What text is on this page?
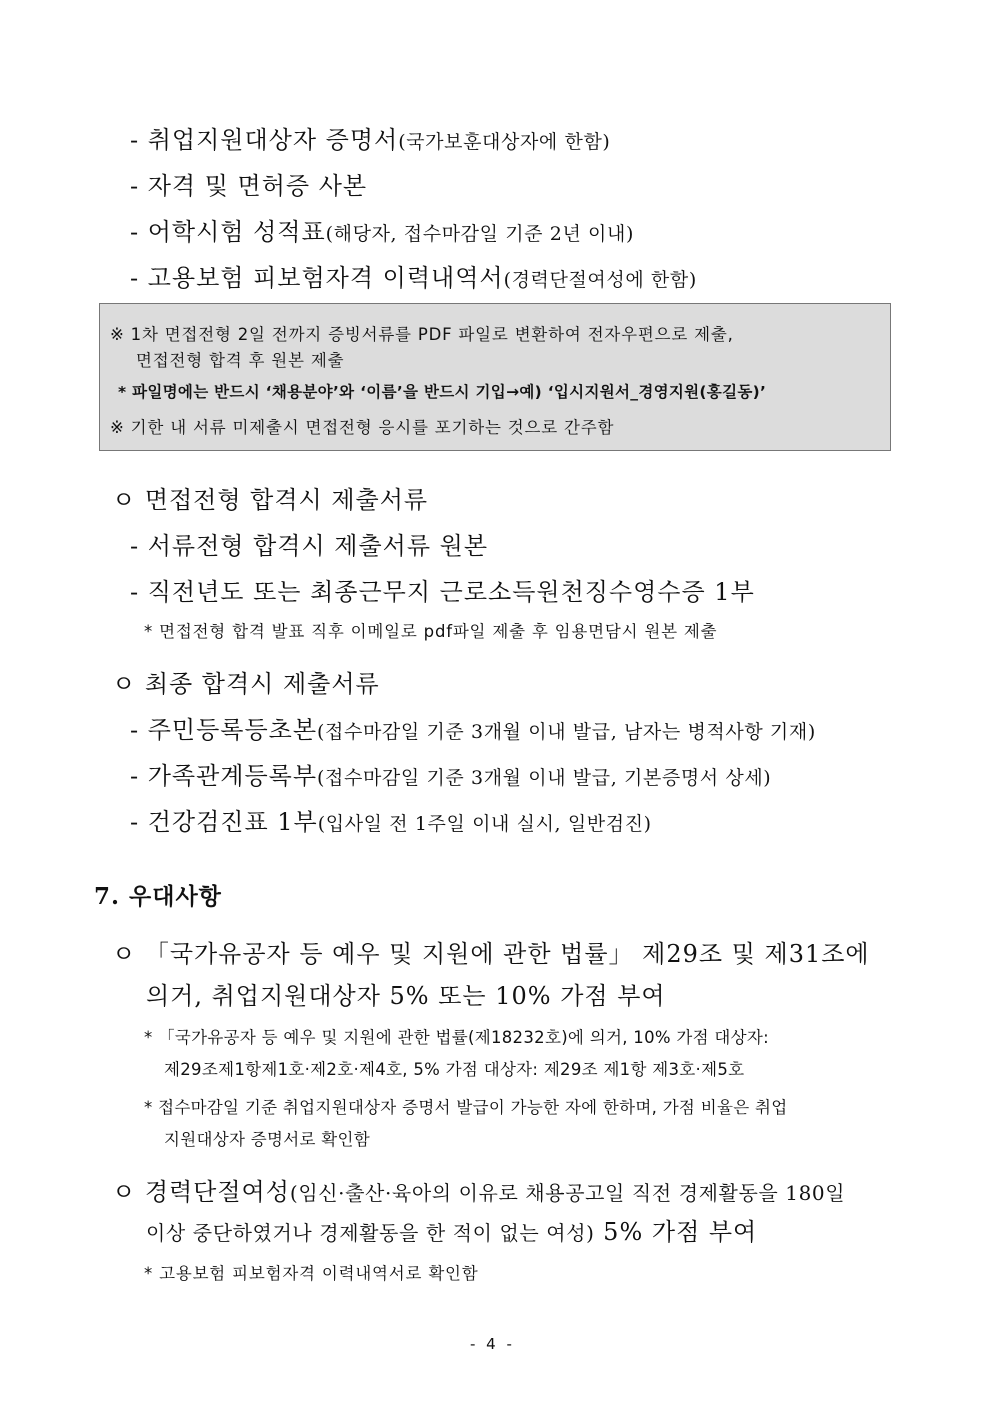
- 취업지원대상자 증명서(국가보훈대상자에 한함)
- 자격 및 면허증 사본
- 어학시험 성적표(해당자, 접수마감일 기준 2년 이내)
- 고용보험 피보험자격 이력내역서(경력단절여성에 한함)
※ 1차 면접전형 2일 전까지 증빙서류를 PDF 파일로 변환하여 전자우편으로 제출,
면접전형 합격 후 원본 제출
* 파일명에는 반드시 ‘채용분야’와 ‘이름’을 반드시 기입→예) ‘입시지원서_경영지원(홍길동)’
※ 기한 내 서류 미제출시 면접전형 응시를 포기하는 것으로 간주함
ㅇ 면접전형 합격시 제출서류
- 서류전형 합격시 제출서류 원본
- 직전년도 또는 최종근무지 근로소득원천징수영수증 1부
* 면접전형 합격 발표 직후 이메일로 pdf파일 제출 후 임용면담시 원본 제출
ㅇ 최종 합격시 제출서류
- 주민등록등초본(접수마감일 기준 3개월 이내 발급, 남자는 병적사항 기재)
- 가족관계등록부(접수마감일 기준 3개월 이내 발급, 기본증명서 상세)
- 건강검진표 1부(입사일 전 1주일 이내 실시, 일반검진)
7. 우대사항
ㅇ 「국가유공자 등 예우 및 지원에 관한 법률」 제29조 및 제31조에
의거, 취업지원대상자 5% 또는 10% 가점 부여
* 「국가유공자 등 예우 및 지원에 관한 법률(제18232호)에 의거, 10% 가점 대상자:
제29조제1항제1호·제2호·제4호, 5% 가점 대상자: 제29조 제1항 제3호·제5호
* 접수마감일 기준 취업지원대상자 증명서 발급이 가능한 자에 한하며, 가점 비율은 취업
지원대상자 증명서로 확인함
ㅇ 경력단절여성(임신·출산·육아의 이유로 채용공고일 직전 경제활동을 180일
이상 중단하였거나 경제활동을 한 적이 없는 여성) 5% 가점 부여
* 고용보험 피보험자격 이력내역서로 확인함
- 4 -
